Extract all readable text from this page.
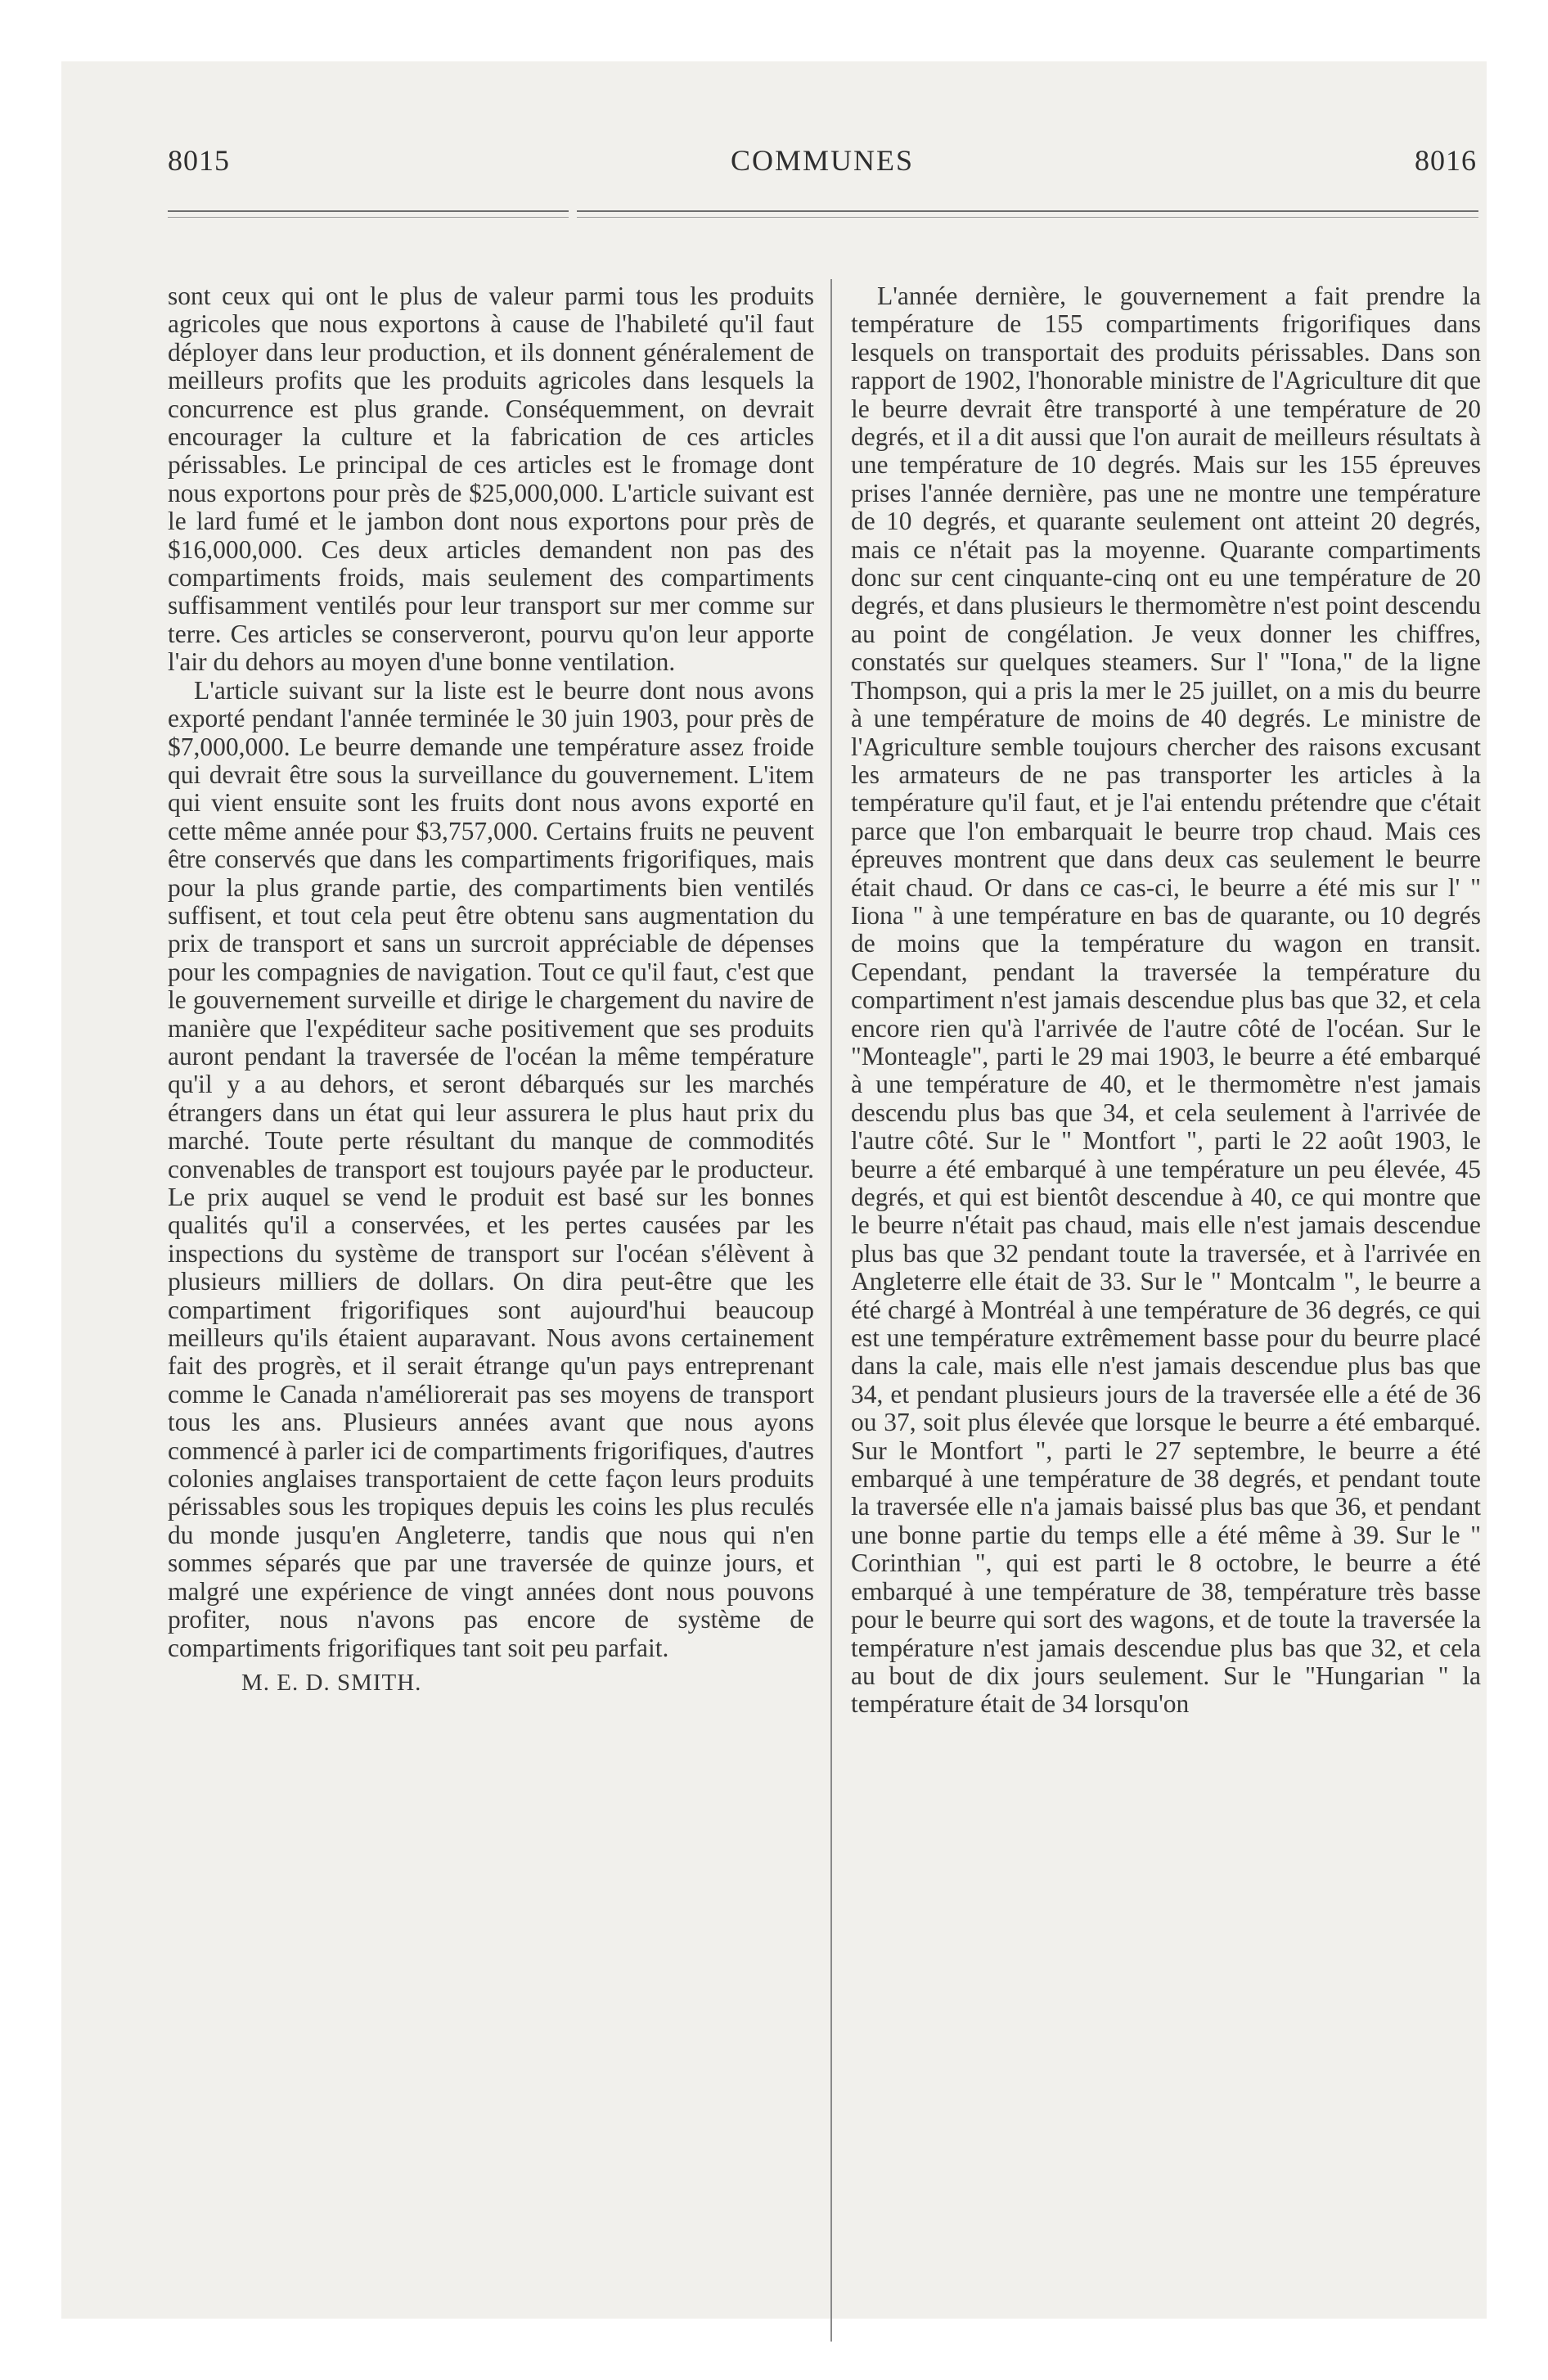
8015	COMMUNES	8016

sont ceux qui ont le plus de valeur parmi tous les produits agricoles que nous exportons à cause de l'habileté qu'il faut déployer dans leur production, et ils donnent généralement de meilleurs profits que les produits agricoles dans lesquels la concurrence est plus grande. Conséquemment, on devrait encourager la culture et la fabrication de ces articles périssables. Le principal de ces articles est le fromage dont nous exportons pour près de $25,000,000. L'article suivant est le lard fumé et le jambon dont nous exportons pour près de $16,000,000. Ces deux articles demandent non pas des compartiments froids, mais seulement des compartiments suffisamment ventilés pour leur transport sur mer comme sur terre. Ces articles se conserveront, pourvu qu'on leur apporte l'air du dehors au moyen d'une bonne ventilation.

L'article suivant sur la liste est le beurre dont nous avons exporté pendant l'année terminée le 30 juin 1903, pour près de $7,000,000. Le beurre demande une température assez froide qui devrait être sous la surveillance du gouvernement. L'item qui vient ensuite sont les fruits dont nous avons exporté en cette même année pour $3,757,000. Certains fruits ne peuvent être conservés que dans les compartiments frigorifiques, mais pour la plus grande partie, des compartiments bien ventilés suffisent, et tout cela peut être obtenu sans augmentation du prix de transport et sans un surcroit appréciable de dépenses pour les compagnies de navigation. Tout ce qu'il faut, c'est que le gouvernement surveille et dirige le chargement du navire de manière que l'expéditeur sache positivement que ses produits auront pendant la traversée de l'océan la même température qu'il y a au dehors, et seront débarqués sur les marchés étrangers dans un état qui leur assurera le plus haut prix du marché. Toute perte résultant du manque de commodités convenables de transport est toujours payée par le producteur. Le prix auquel se vend le produit est basé sur les bonnes qualités qu'il a conservées, et les pertes causées par les inspections du système de transport sur l'océan s'élèvent à plusieurs milliers de dollars. On dira peut-être que les compartiment frigorifiques sont aujourd'hui beaucoup meilleurs qu'ils étaient auparavant. Nous avons certainement fait des progrès, et il serait étrange qu'un pays entreprenant comme le Canada n'améliorerait pas ses moyens de transport tous les ans. Plusieurs années avant que nous ayons commencé à parler ici de compartiments frigorifiques, d'autres colonies anglaises transportaient de cette façon leurs produits périssables sous les tropiques depuis les coins les plus reculés du monde jusqu'en Angleterre, tandis que nous qui n'en sommes séparés que par une traversée de quinze jours, et malgré une expérience de vingt années dont nous pouvons profiter, nous n'avons pas encore de système de compartiments frigorifiques tant soit peu parfait.

M. E. D. SMITH.

L'année dernière, le gouvernement a fait prendre la température de 155 compartiments frigorifiques dans lesquels on transportait des produits périssables. Dans son rapport de 1902, l'honorable ministre de l'Agriculture dit que le beurre devrait être transporté à une température de 20 degrés, et il a dit aussi que l'on aurait de meilleurs résultats à une température de 10 degrés. Mais sur les 155 épreuves prises l'année dernière, pas une ne montre une température de 10 degrés, et quarante seulement ont atteint 20 degrés, mais ce n'était pas la moyenne. Quarante compartiments donc sur cent cinquante-cinq ont eu une température de 20 degrés, et dans plusieurs le thermomètre n'est point descendu au point de congélation. Je veux donner les chiffres, constatés sur quelques steamers. Sur l' "Iona," de la ligne Thompson, qui a pris la mer le 25 juillet, on a mis du beurre à une température de moins de 40 degrés. Le ministre de l'Agriculture semble toujours chercher des raisons excusant les armateurs de ne pas transporter les articles à la température qu'il faut, et je l'ai entendu prétendre que c'était parce que l'on embarquait le beurre trop chaud. Mais ces épreuves montrent que dans deux cas seulement le beurre était chaud. Or dans ce cas-ci, le beurre a été mis sur l' " Iiona " à une température en bas de quarante, ou 10 degrés de moins que la température du wagon en transit. Cependant, pendant la traversée la température du compartiment n'est jamais descendue plus bas que 32, et cela encore rien qu'à l'arrivée de l'autre côté de l'océan. Sur le "Monteagle", parti le 29 mai 1903, le beurre a été embarqué à une température de 40, et le thermomètre n'est jamais descendu plus bas que 34, et cela seulement à l'arrivée de l'autre côté. Sur le " Montfort ", parti le 22 août 1903, le beurre a été embarqué à une température un peu élevée, 45 degrés, et qui est bientôt descendue à 40, ce qui montre que le beurre n'était pas chaud, mais elle n'est jamais descendue plus bas que 32 pendant toute la traversée, et à l'arrivée en Angleterre elle était de 33. Sur le " Montcalm ", le beurre a été chargé à Montréal à une température de 36 degrés, ce qui est une température extrêmement basse pour du beurre placé dans la cale, mais elle n'est jamais descendue plus bas que 34, et pendant plusieurs jours de la traversée elle a été de 36 ou 37, soit plus élevée que lorsque le beurre a été embarqué. Sur le Montfort ", parti le 27 septembre, le beurre a été embarqué à une température de 38 degrés, et pendant toute la traversée elle n'a jamais baissé plus bas que 36, et pendant une bonne partie du temps elle a été même à 39. Sur le " Corinthian ", qui est parti le 8 octobre, le beurre a été embarqué à une température de 38, température très basse pour le beurre qui sort des wagons, et de toute la traversée la température n'est jamais descendue plus bas que 32, et cela au bout de dix jours seulement. Sur le "Hungarian " la température était de 34 lorsqu'on
